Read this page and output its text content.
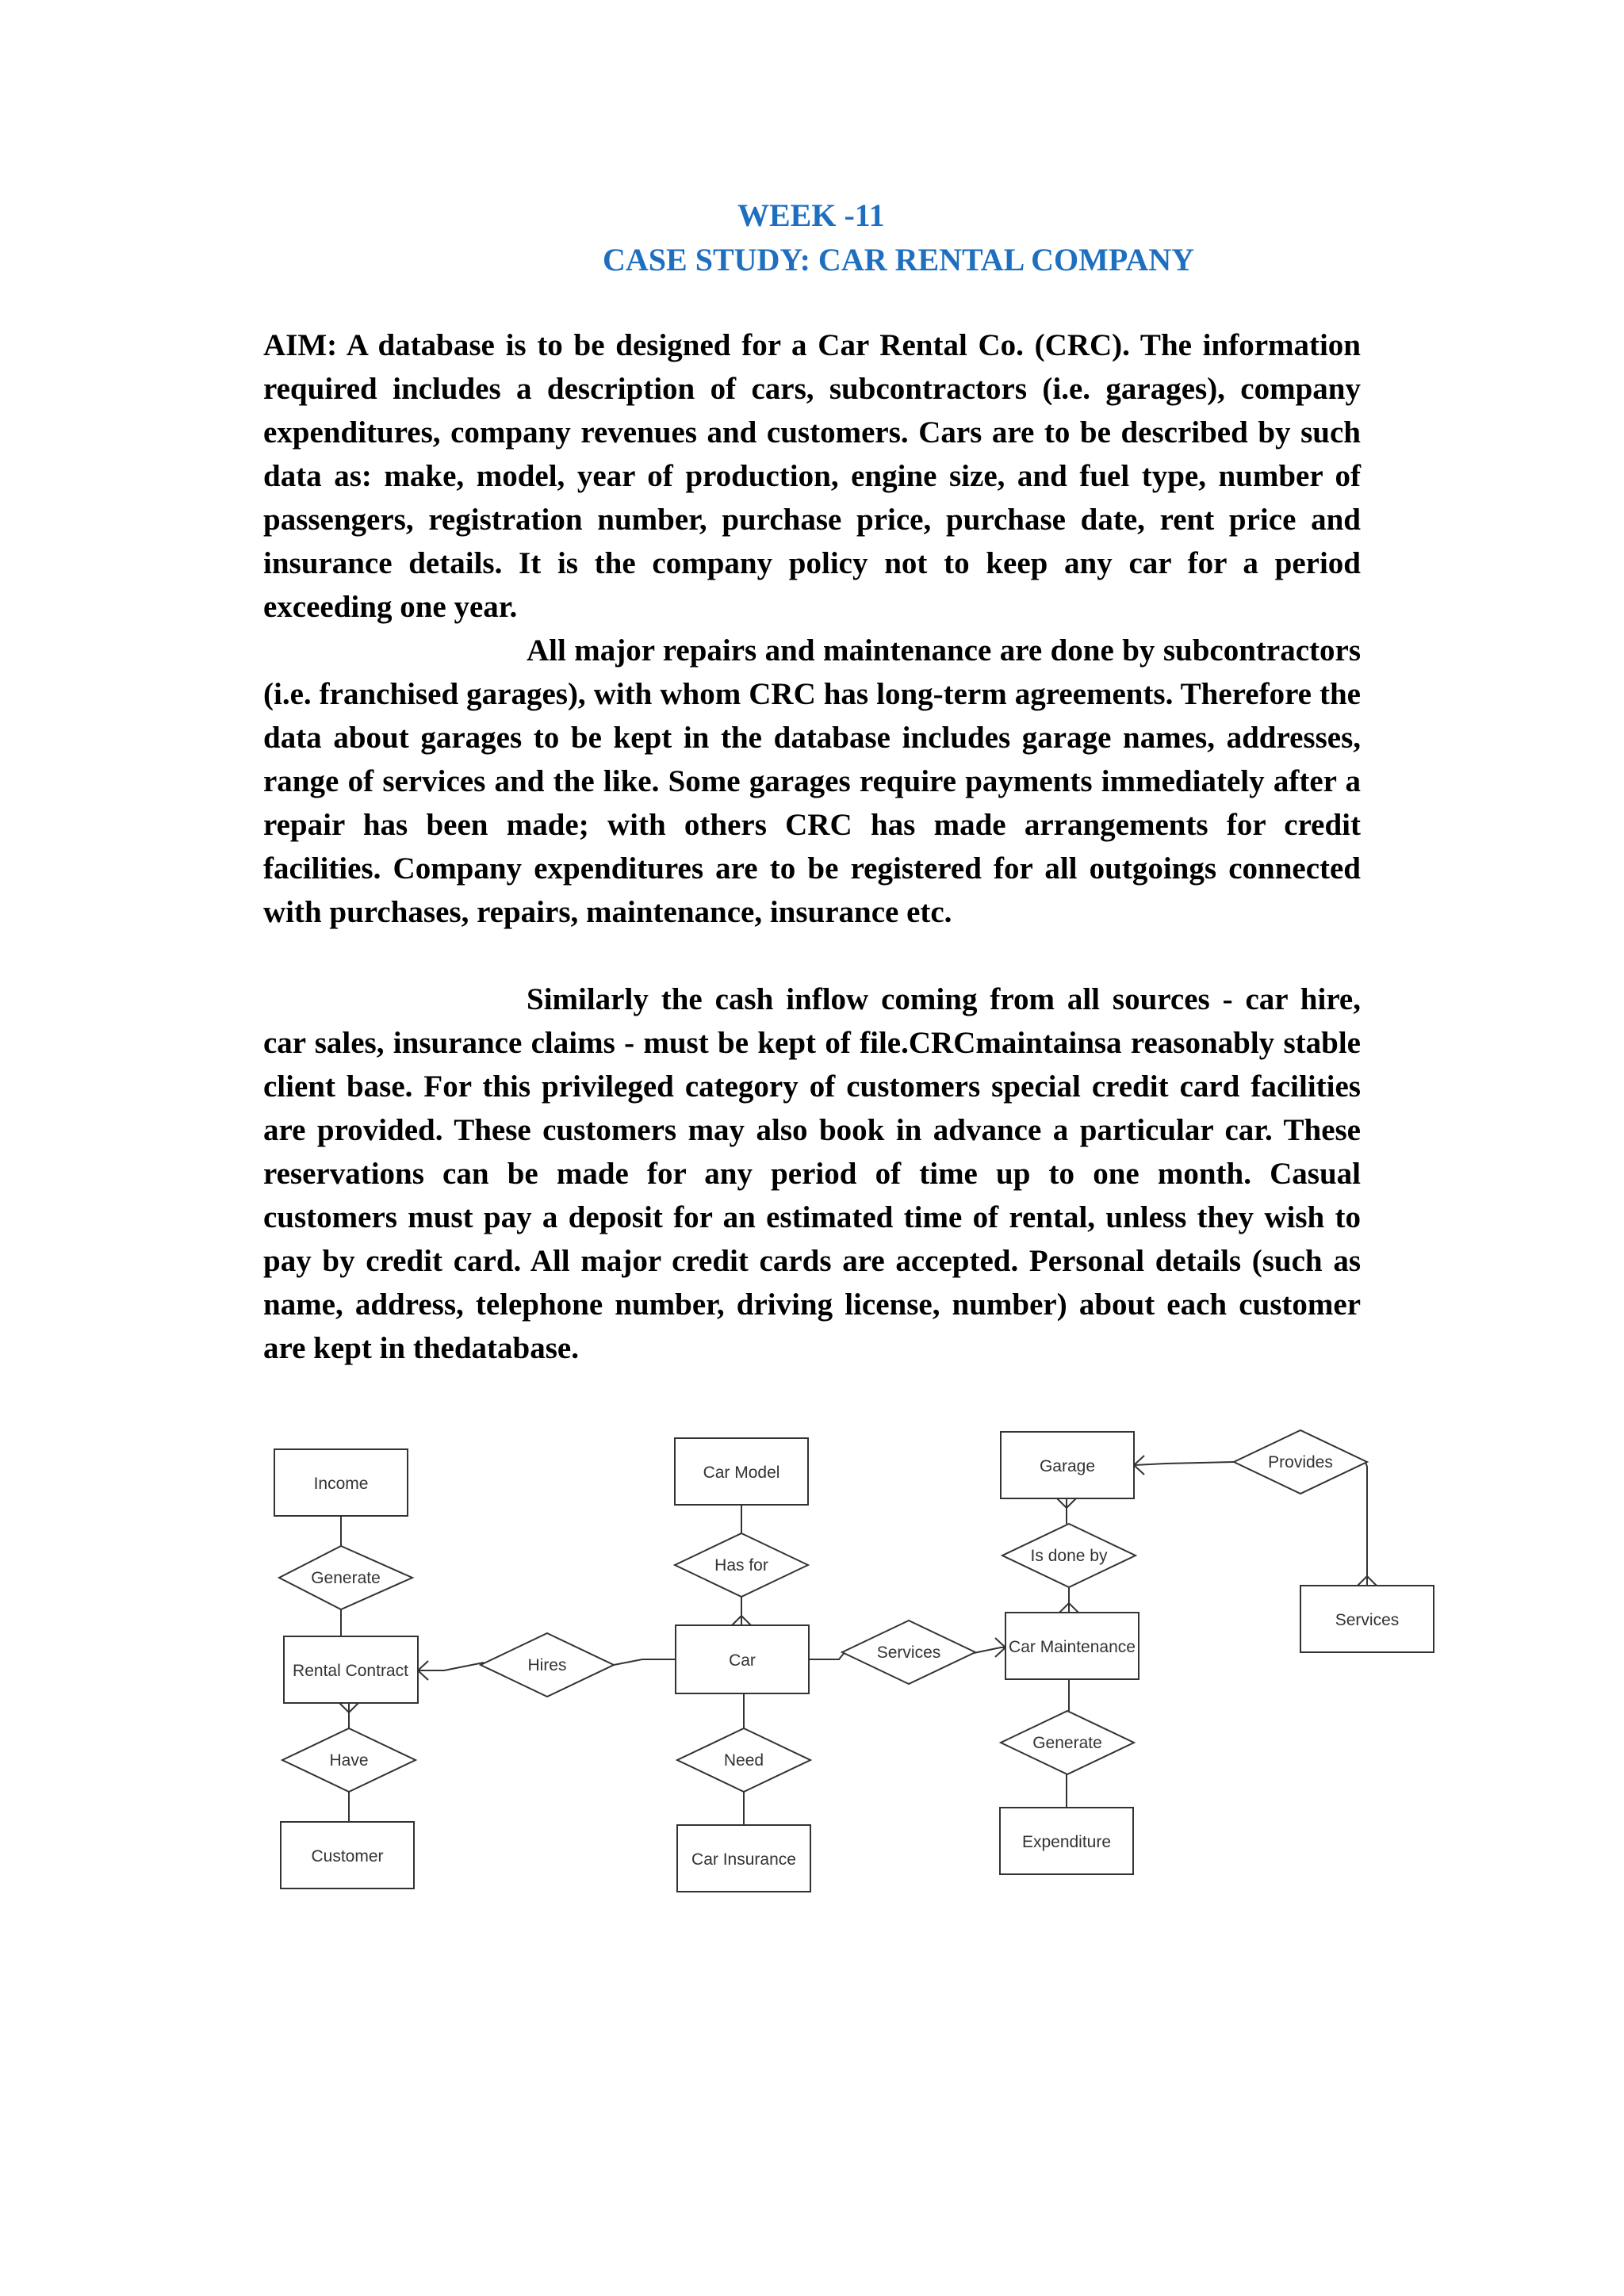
WEEK -11
CASE STUDY: CAR RENTAL COMPANY

AIM: A database is to be designed for a Car Rental Co. (CRC). The information required includes a description of cars, subcontractors (i.e. garages), company expenditures, company revenues and customers. Cars are to be described by such data as: make, model, year of production, engine size, and fuel type, number of passengers, registration number, purchase price, purchase date, rent price and insurance details. It is the company policy not to keep any car for a period exceeding one year.

All major repairs and maintenance are done by subcontractors (i.e. franchised garages), with whom CRC has long-term agreements. Therefore the data about garages to be kept in the database includes garage names, addresses, range of services and the like. Some garages require payments immediately after a repair has been made; with others CRC has made arrangements for credit facilities. Company expenditures are to be registered for all outgoings connected with purchases, repairs, maintenance, insurance etc.

Similarly the cash inflow coming from all sources - car hire, car sales, insurance claims - must be kept of file.CRCmaintainsa reasonably stable client base. For this privileged category of customers special credit card facilities are provided. These customers may also book in advance a particular car. These reservations can be made for any period of time up to one month. Casual customers must pay a deposit for an estimated time of rental, unless they wish to pay by credit card. All major credit cards are accepted. Personal details (such as name, address, telephone number, driving license, number) about each customer are kept in thedatabase.

Income
Rental Contract
Customer
Car Model
Car
Car Insurance
Garage
Car Maintenance
Expenditure
Services
Generate
Have
Hires
Has for
Need
Services
Is done by
Generate
Provides
